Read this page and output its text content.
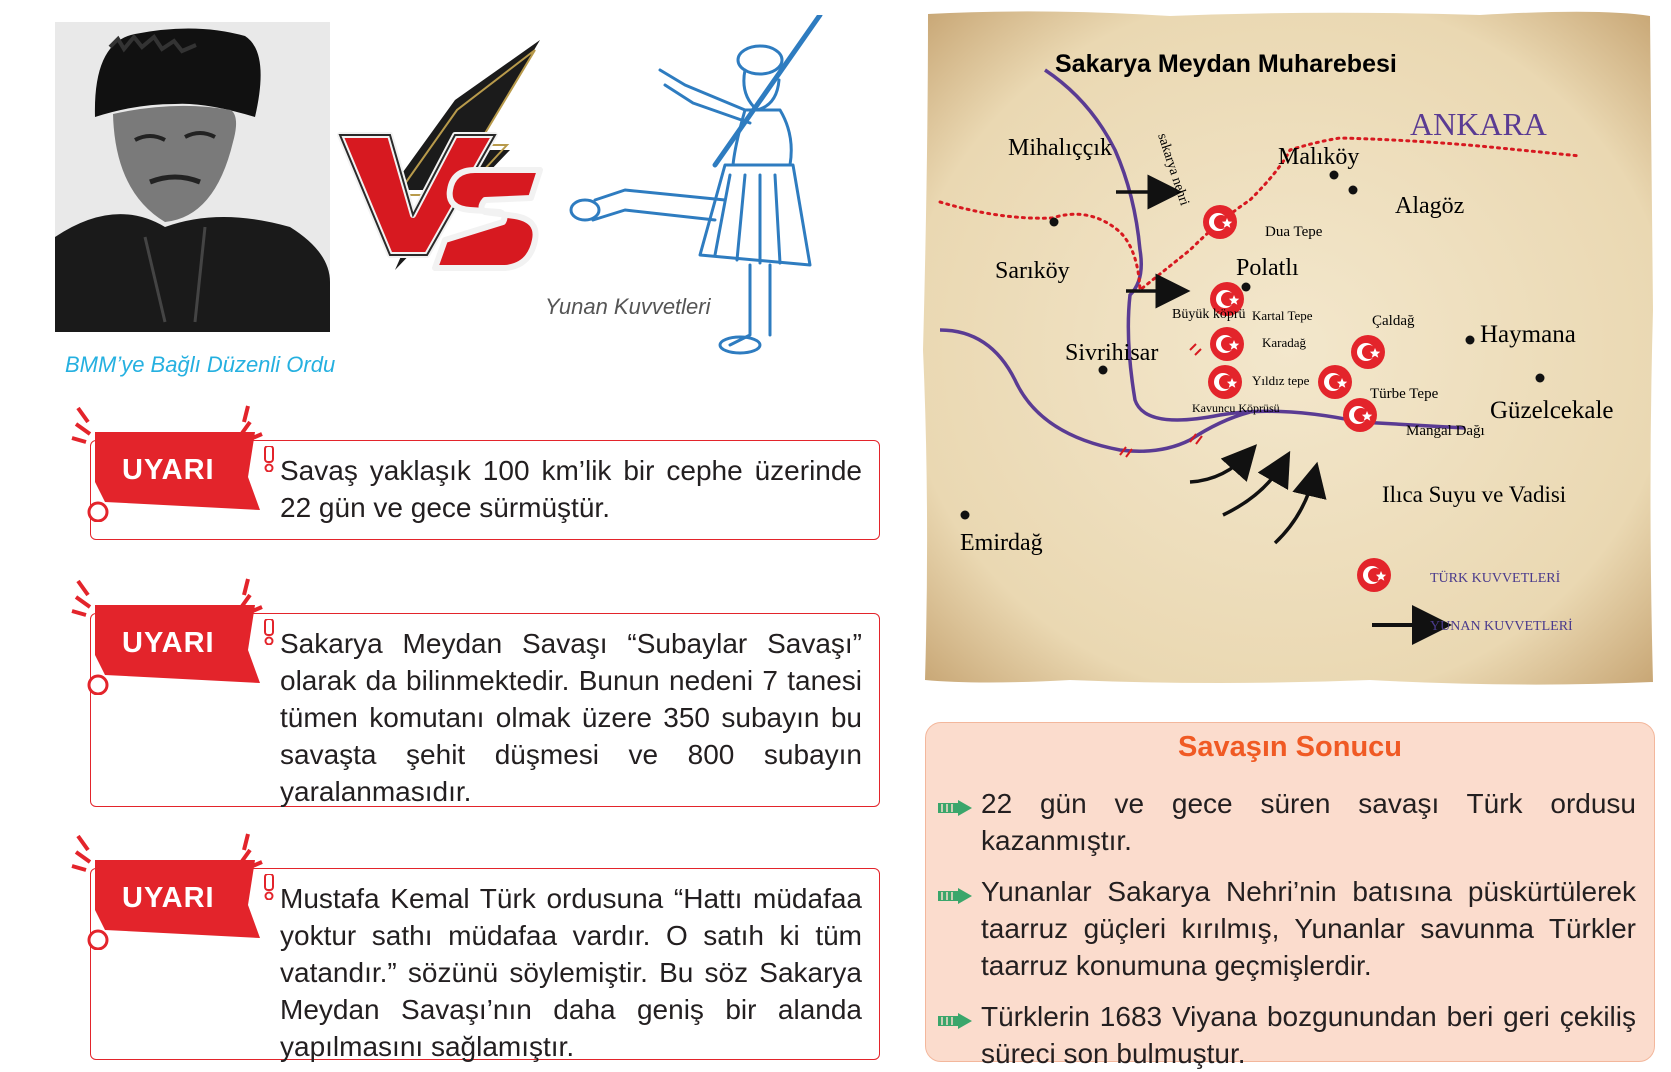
BMM’ye Bağlı Düzenli Ordu
Yunan Kuvvetleri
UYARI Savaş yaklaşık 100 km’lik bir cephe üzerinde 22 gün ve gece sürmüştür.
UYARI Sakarya Meydan Savaşı “Subaylar Savaşı” olarak da bilinmektedir. Bunun nedeni 7 tanesi tümen komutanı olmak üzere 350 subayın bu savaşta şehit düşmesi ve 800 subayın yaralanmasıdır.
UYARI Mustafa Kemal Türk ordusuna “Hattı müdafaa yoktur sathı müdafaa vardır. O satıh ki tüm vatandır.” sözünü söylemiştir. Bu söz Sakarya Meydan Savaşı’nın daha geniş bir alanda yapılmasını sağlamıştır.
Sakarya Meydan Muharebesi
sakarya nehri
ANKARA
Mihalıççık	Malıköy
Alagöz
Dua Tepe
Sarıköy	Polatlı
Kartal Tepe
Büyük köprü
Karadağ
Çaldağ	Haymana
Sivrihisar
Yıldız tepe
Türbe Tepe
Kavuncu Köprüsü
Mangal Dağı
Güzelcekale
Ilıca Suyu ve Vadisi
Emirdağ
TÜRK KUVVETLERİ
YUNAN KUVVETLERİ
Savaşın Sonucu
22 gün ve gece süren savaşı Türk ordusu kazanmıştır.
Yunanlar Sakarya Nehri’nin batısına püskürtülerek taarruz güçleri kırılmış, Yunanlar savunma Türkler taarruz konumuna geçmişlerdir.
Türklerin 1683 Viyana bozgunundan beri geri çekiliş süreci son bulmuştur.
